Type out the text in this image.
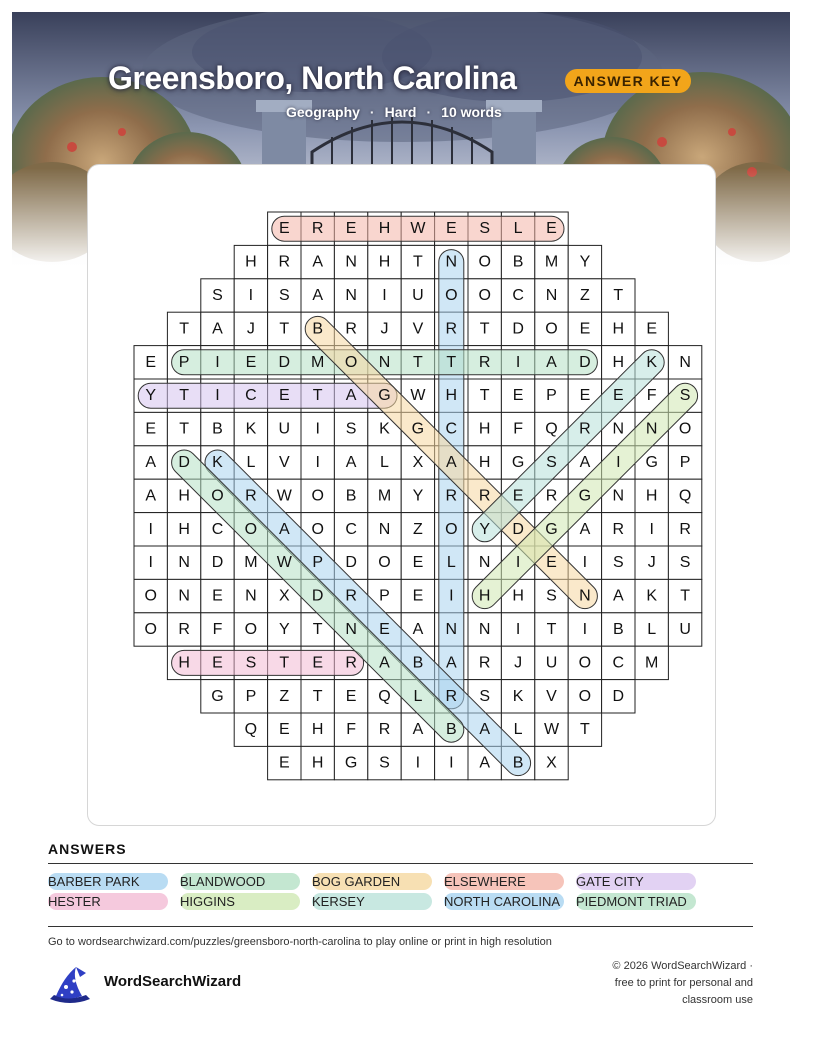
Greensboro, North Carolina	ANSWER KEY
Geography · Hard · 10 words
E R E H W E S L E
H R A N H T N O B M Y
S I S A N I U O O C N Z T
T A J T B R J V R T D O E H E
E P I E D M O N T T R I A D H K N
Y T I C E T A G W H T E P E E F S
E T B K U I S K G C H F Q R N N O
A D K L V I A L X A H G S A I G P
A H O R W O B M Y R R E R G N H Q
I H C O A O C N Z O Y D G A R I R
I N D M W P D O E L N I E I S J S
O N E N X D R P E I H H S N A K T
O R F O Y T N E A N N I T I B L U
H E S T E R A B A R J U O C M
G P Z T E Q L R S K V O D
Q E H F R A B A L W T
E H G S I I A B X
ANSWERS
BARBER PARK	BLANDWOOD	BOG GARDEN	ELSEWHERE	GATE CITY
HESTER	HIGGINS	KERSEY	NORTH CAROLINA	PIEDMONT TRIAD
Go to wordsearchwizard.com/puzzles/greensboro-north-carolina to play online or print in high resolution
WordSearchWizard
© 2026 WordSearchWizard ·
free to print for personal and
classroom use
